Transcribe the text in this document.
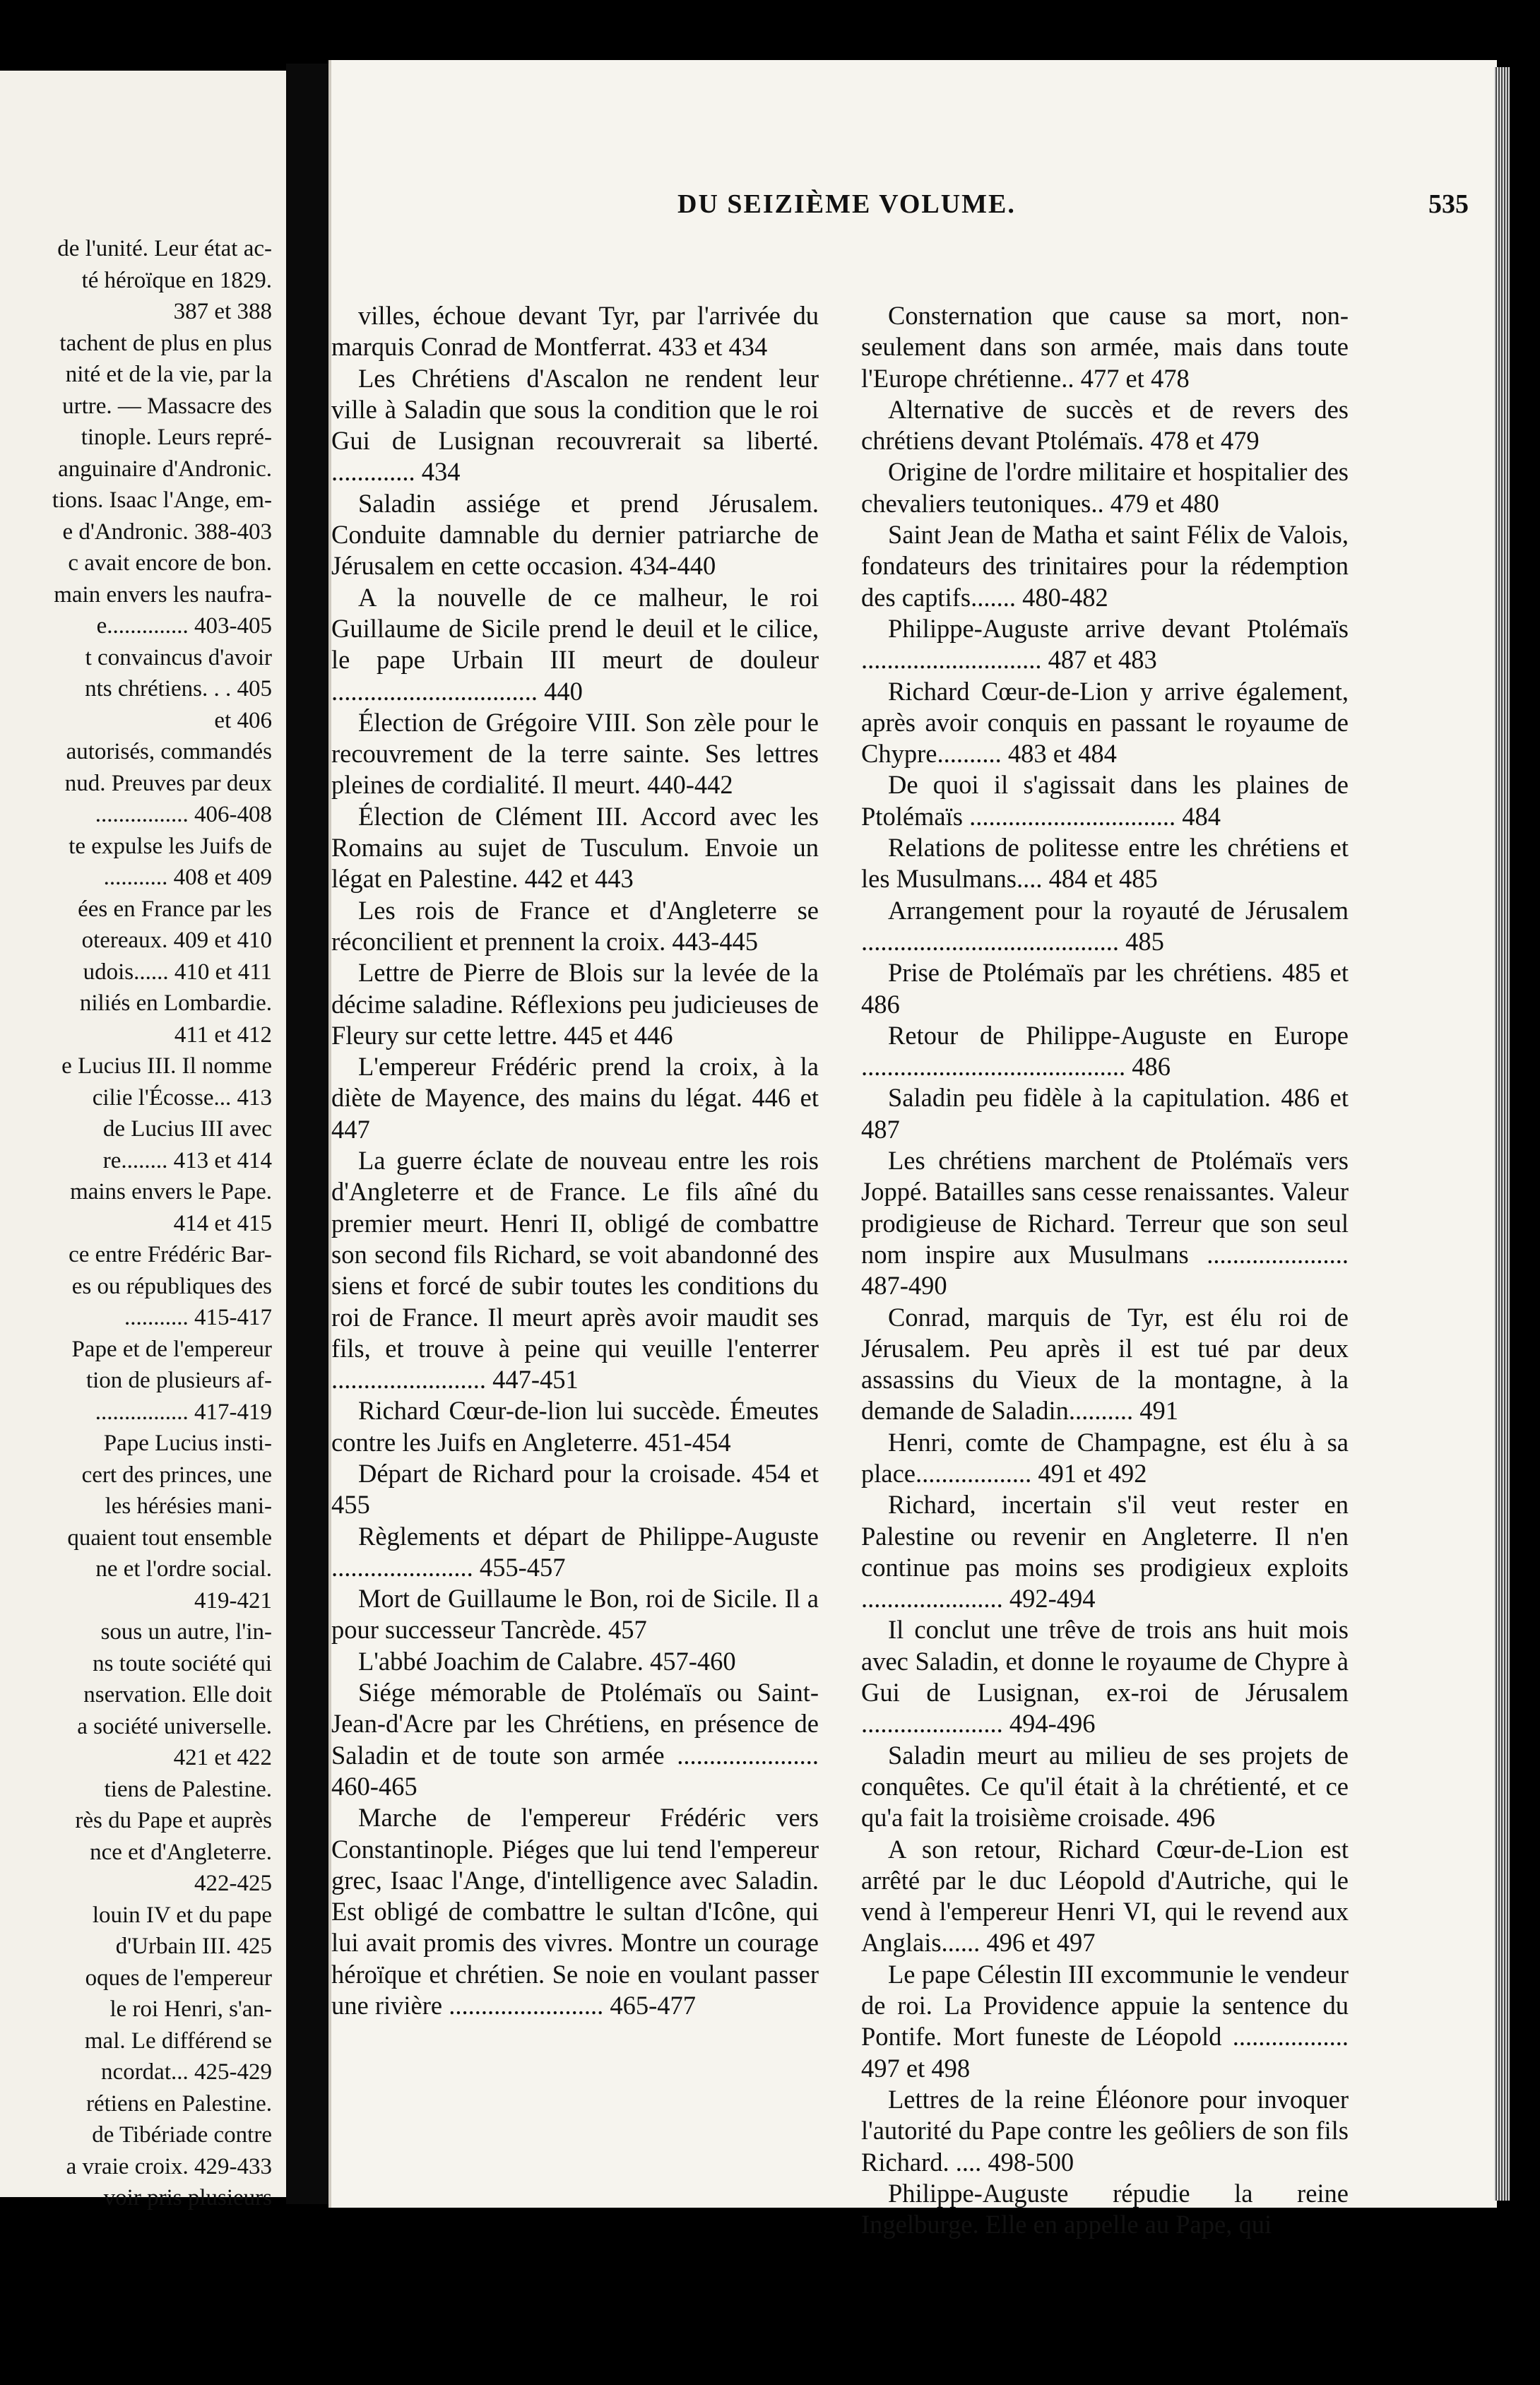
de l'unité. Leur état ac-
té héroïque en 1829.
387 et 388
tachent de plus en plus
nité et de la vie, par la
urtre. — Massacre des
tinople. Leurs repré-
anguinaire d'Andronic.
tions. Isaac l'Ange, em-
e d'Andronic. 388-403
c avait encore de bon.
main envers les naufra-
e.............. 403-405
t convaincus d'avoir
nts chrétiens. . . 405
et 406
autorisés, commandés
nud. Preuves par deux
................ 406-408
te expulse les Juifs de
........... 408 et 409
ées en France par les
otereaux. 409 et 410
udois...... 410 et 411
niliés en Lombardie.
411 et 412
e Lucius III. Il nomme
cilie l'Écosse... 413
de Lucius III avec
re........ 413 et 414
mains envers le Pape.
414 et 415
ce entre Frédéric Bar-
es ou républiques des
........... 415-417
Pape et de l'empereur
tion de plusieurs af-
................ 417-419
Pape Lucius insti-
cert des princes, une
les hérésies mani-
quaient tout ensemble
ne et l'ordre social.
419-421
sous un autre, l'in-
ns toute société qui
nservation. Elle doit
a société universelle.
421 et 422
tiens de Palestine.
rès du Pape et auprès
nce et d'Angleterre.
422-425
louin IV et du pape
d'Urbain III. 425
oques de l'empereur
le roi Henri, s'an-
mal. Le différend se
ncordat... 425-429
rétiens en Palestine.
de Tibériade contre
a vraie croix. 429-433
voir pris plusieurs
DU SEIZIÈME VOLUME.	535

villes, échoue devant Tyr, par l'arrivée du marquis Conrad de Montferrat. 433 et 434

Les Chrétiens d'Ascalon ne rendent leur ville à Saladin que sous la condition que le roi Gui de Lusignan recouvrerait sa liberté. ............. 434

Saladin assiége et prend Jérusalem. Conduite damnable du dernier patriarche de Jérusalem en cette occasion. 434-440

A la nouvelle de ce malheur, le roi Guillaume de Sicile prend le deuil et le cilice, le pape Urbain III meurt de douleur ................................ 440

Élection de Grégoire VIII. Son zèle pour le recouvrement de la terre sainte. Ses lettres pleines de cordialité. Il meurt. 440-442

Élection de Clément III. Accord avec les Romains au sujet de Tusculum. Envoie un légat en Palestine. 442 et 443

Les rois de France et d'Angleterre se réconcilient et prennent la croix. 443-445

Lettre de Pierre de Blois sur la levée de la décime saladine. Réflexions peu judicieuses de Fleury sur cette lettre. 445 et 446

L'empereur Frédéric prend la croix, à la diète de Mayence, des mains du légat. 446 et 447

La guerre éclate de nouveau entre les rois d'Angleterre et de France. Le fils aîné du premier meurt. Henri II, obligé de combattre son second fils Richard, se voit abandonné des siens et forcé de subir toutes les conditions du roi de France. Il meurt après avoir maudit ses fils, et trouve à peine qui veuille l'enterrer ........................ 447-451

Richard Cœur-de-lion lui succède. Émeutes contre les Juifs en Angleterre. 451-454

Départ de Richard pour la croisade. 454 et 455

Règlements et départ de Philippe-Auguste ...................... 455-457

Mort de Guillaume le Bon, roi de Sicile. Il a pour successeur Tancrède. 457

L'abbé Joachim de Calabre. 457-460

Siége mémorable de Ptolémaïs ou Saint-Jean-d'Acre par les Chrétiens, en présence de Saladin et de toute son armée ...................... 460-465

Marche de l'empereur Frédéric vers Constantinople. Piéges que lui tend l'empereur grec, Isaac l'Ange, d'intelligence avec Saladin. Est obligé de combattre le sultan d'Icône, qui lui avait promis des vivres. Montre un courage héroïque et chrétien. Se noie en voulant passer une rivière ........................ 465-477

Consternation que cause sa mort, non-seulement dans son armée, mais dans toute l'Europe chrétienne.. 477 et 478

Alternative de succès et de revers des chrétiens devant Ptolémaïs. 478 et 479

Origine de l'ordre militaire et hospitalier des chevaliers teutoniques.. 479 et 480

Saint Jean de Matha et saint Félix de Valois, fondateurs des trinitaires pour la rédemption des captifs....... 480-482

Philippe-Auguste arrive devant Ptolémaïs ............................ 487 et 483

Richard Cœur-de-Lion y arrive également, après avoir conquis en passant le royaume de Chypre.......... 483 et 484

De quoi il s'agissait dans les plaines de Ptolémaïs ................................ 484

Relations de politesse entre les chrétiens et les Musulmans.... 484 et 485

Arrangement pour la royauté de Jérusalem ........................................ 485

Prise de Ptolémaïs par les chrétiens. 485 et 486

Retour de Philippe-Auguste en Europe ......................................... 486

Saladin peu fidèle à la capitulation. 486 et 487

Les chrétiens marchent de Ptolémaïs vers Joppé. Batailles sans cesse renaissantes. Valeur prodigieuse de Richard. Terreur que son seul nom inspire aux Musulmans ...................... 487-490

Conrad, marquis de Tyr, est élu roi de Jérusalem. Peu après il est tué par deux assassins du Vieux de la montagne, à la demande de Saladin.......... 491

Henri, comte de Champagne, est élu à sa place.................. 491 et 492

Richard, incertain s'il veut rester en Palestine ou revenir en Angleterre. Il n'en continue pas moins ses prodigieux exploits ...................... 492-494

Il conclut une trêve de trois ans huit mois avec Saladin, et donne le royaume de Chypre à Gui de Lusignan, ex-roi de Jérusalem ...................... 494-496

Saladin meurt au milieu de ses projets de conquêtes. Ce qu'il était à la chrétienté, et ce qu'a fait la troisième croisade. 496

A son retour, Richard Cœur-de-Lion est arrêté par le duc Léopold d'Autriche, qui le vend à l'empereur Henri VI, qui le revend aux Anglais...... 496 et 497

Le pape Célestin III excommunie le vendeur de roi. La Providence appuie la sentence du Pontife. Mort funeste de Léopold .................. 497 et 498

Lettres de la reine Éléonore pour invoquer l'autorité du Pape contre les geôliers de son fils Richard. .... 498-500

Philippe-Auguste répudie la reine Ingelburge. Elle en appelle au Pape, qui
